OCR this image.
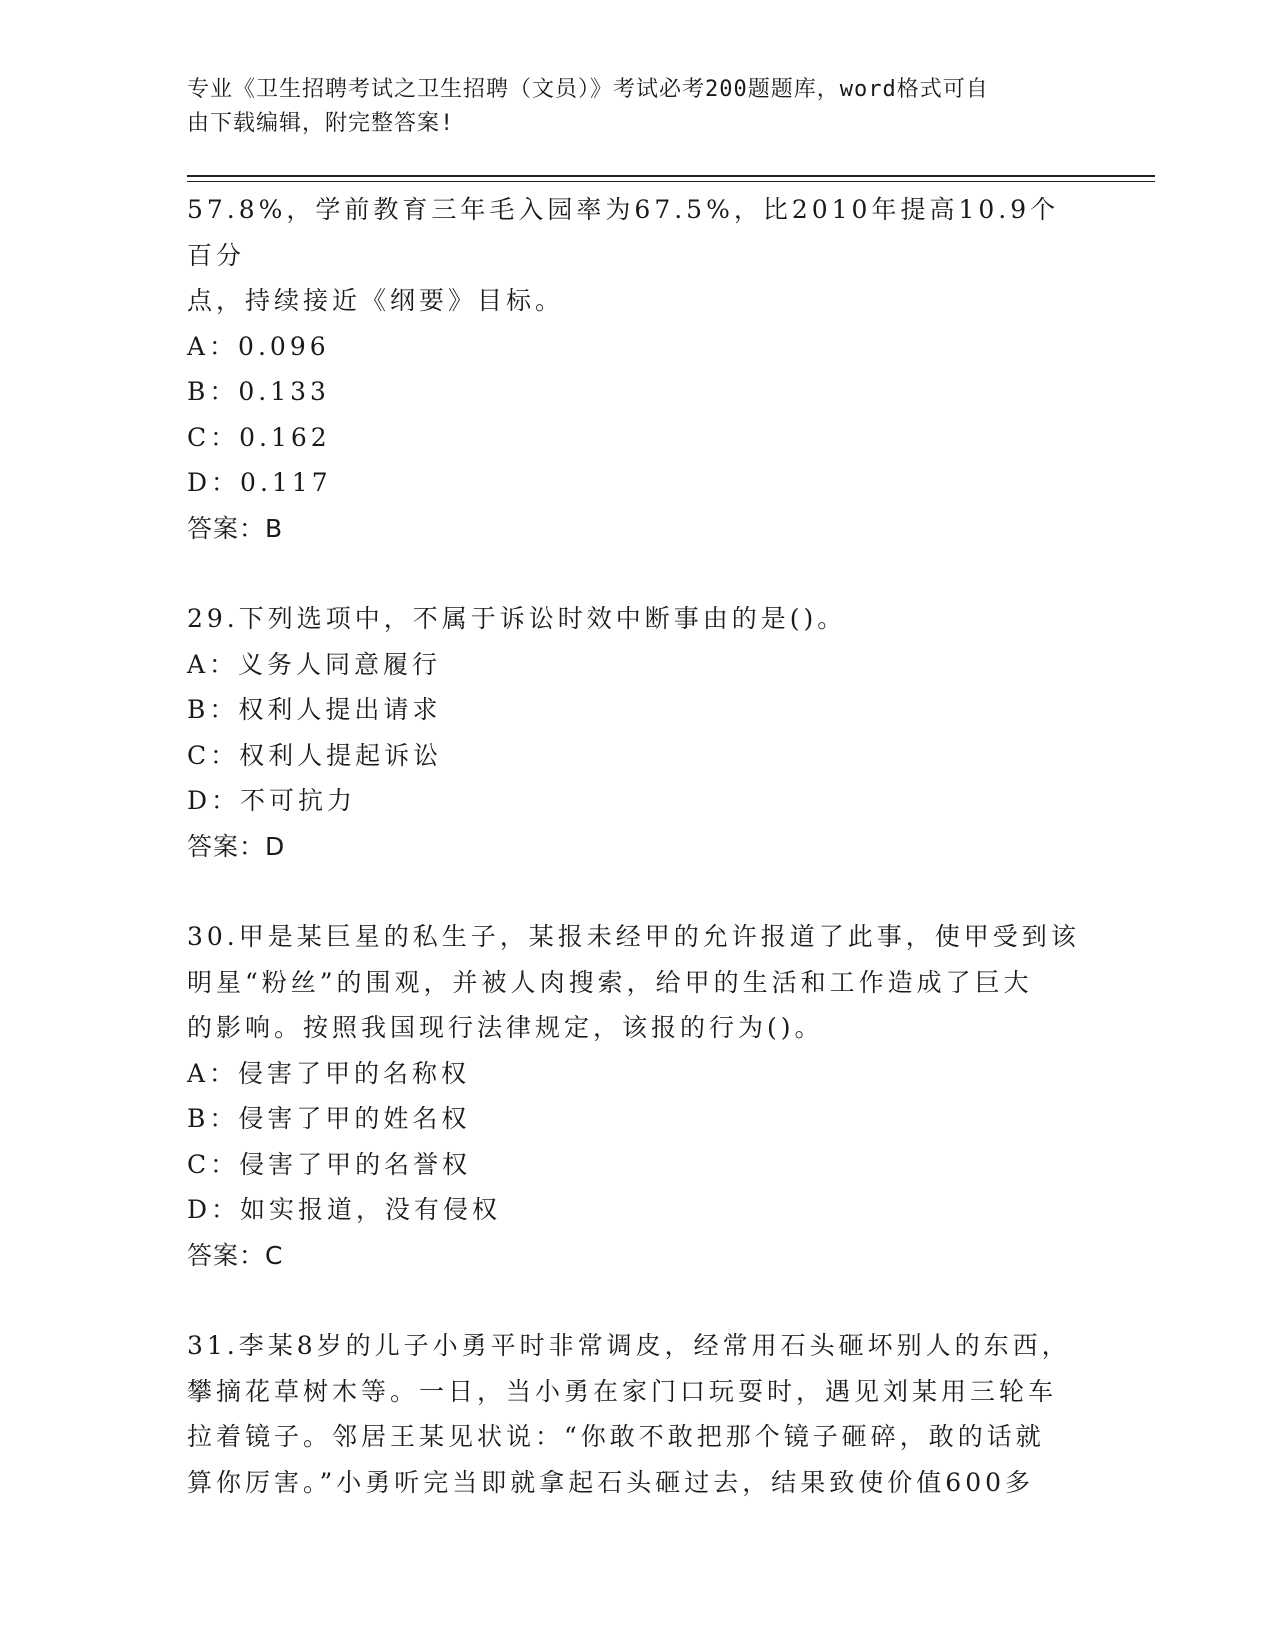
专业《卫生招聘考试之卫生招聘（文员）》考试必考200题题库，word格式可自
由下载编辑，附完整答案!
57.8%，学前教育三年毛入园率为67.5%，比2010年提高10.9个百分
点，持续接近《纲要》目标。
A：0.096
B：0.133
C：0.162
D：0.117
答案：B
29.下列选项中，不属于诉讼时效中断事由的是()。
A：义务人同意履行
B：权利人提出请求
C：权利人提起诉讼
D：不可抗力
答案：D
30.甲是某巨星的私生子，某报未经甲的允许报道了此事，使甲受到该
明星“粉丝”的围观，并被人肉搜索，给甲的生活和工作造成了巨大
的影响。按照我国现行法律规定，该报的行为()。
A：侵害了甲的名称权
B：侵害了甲的姓名权
C：侵害了甲的名誉权
D：如实报道，没有侵权
答案：C
31.李某8岁的儿子小勇平时非常调皮，经常用石头砸坏别人的东西，
攀摘花草树木等。一日，当小勇在家门口玩耍时，遇见刘某用三轮车
拉着镜子。邻居王某见状说：“你敢不敢把那个镜子砸碎，敢的话就
算你厉害。”小勇听完当即就拿起石头砸过去，结果致使价值600多
